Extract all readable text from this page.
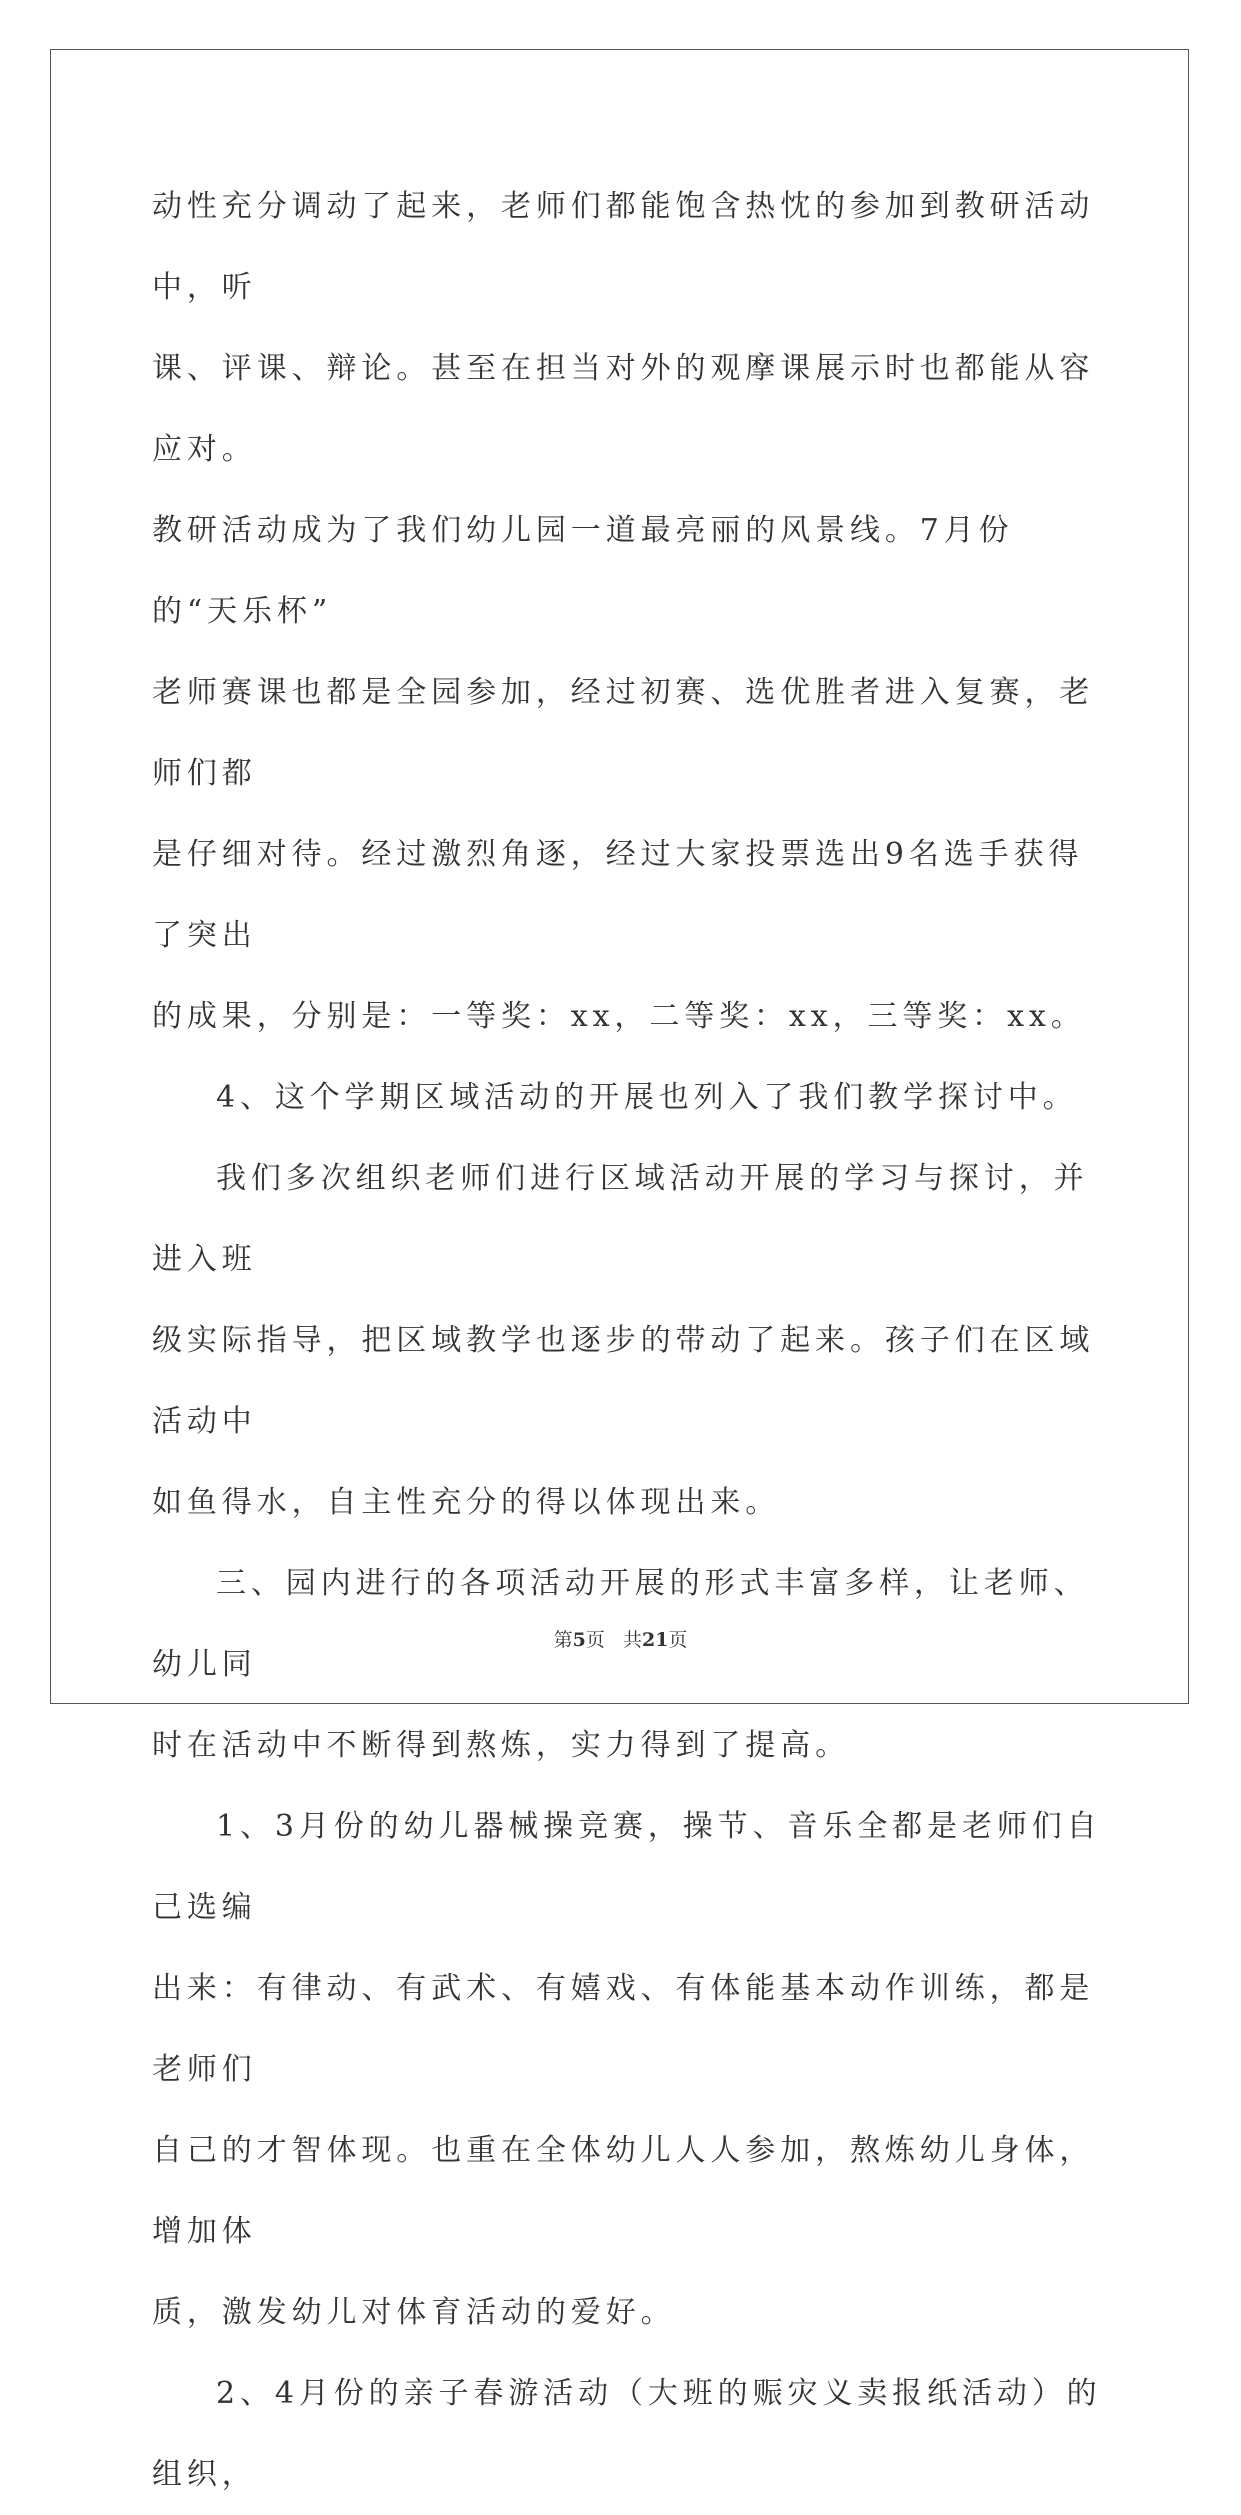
动性充分调动了起来，老师们都能饱含热忱的参加到教研活动中，听

课、评课、辩论。甚至在担当对外的观摩课展示时也都能从容应对。

教研活动成为了我们幼儿园一道最亮丽的风景线。7月份的“天乐杯”

老师赛课也都是全园参加，经过初赛、选优胜者进入复赛，老师们都

是仔细对待。经过激烈角逐，经过大家投票选出9名选手获得了突出

的成果，分别是：一等奖：xx，二等奖：xx，三等奖：xx。

4、这个学期区域活动的开展也列入了我们教学探讨中。

我们多次组织老师们进行区域活动开展的学习与探讨，并进入班

级实际指导，把区域教学也逐步的带动了起来。孩子们在区域活动中

如鱼得水，自主性充分的得以体现出来。

三、园内进行的各项活动开展的形式丰富多样，让老师、幼儿同

时在活动中不断得到熬炼，实力得到了提高。

1、3月份的幼儿器械操竞赛，操节、音乐全都是老师们自己选编

出来：有律动、有武术、有嬉戏、有体能基本动作训练，都是老师们

自己的才智体现。也重在全体幼儿人人参加，熬炼幼儿身体，增加体

质，激发幼儿对体育活动的爱好。

2、4月份的亲子春游活动（大班的赈灾义卖报纸活动）的组织，

第5页 共21页
